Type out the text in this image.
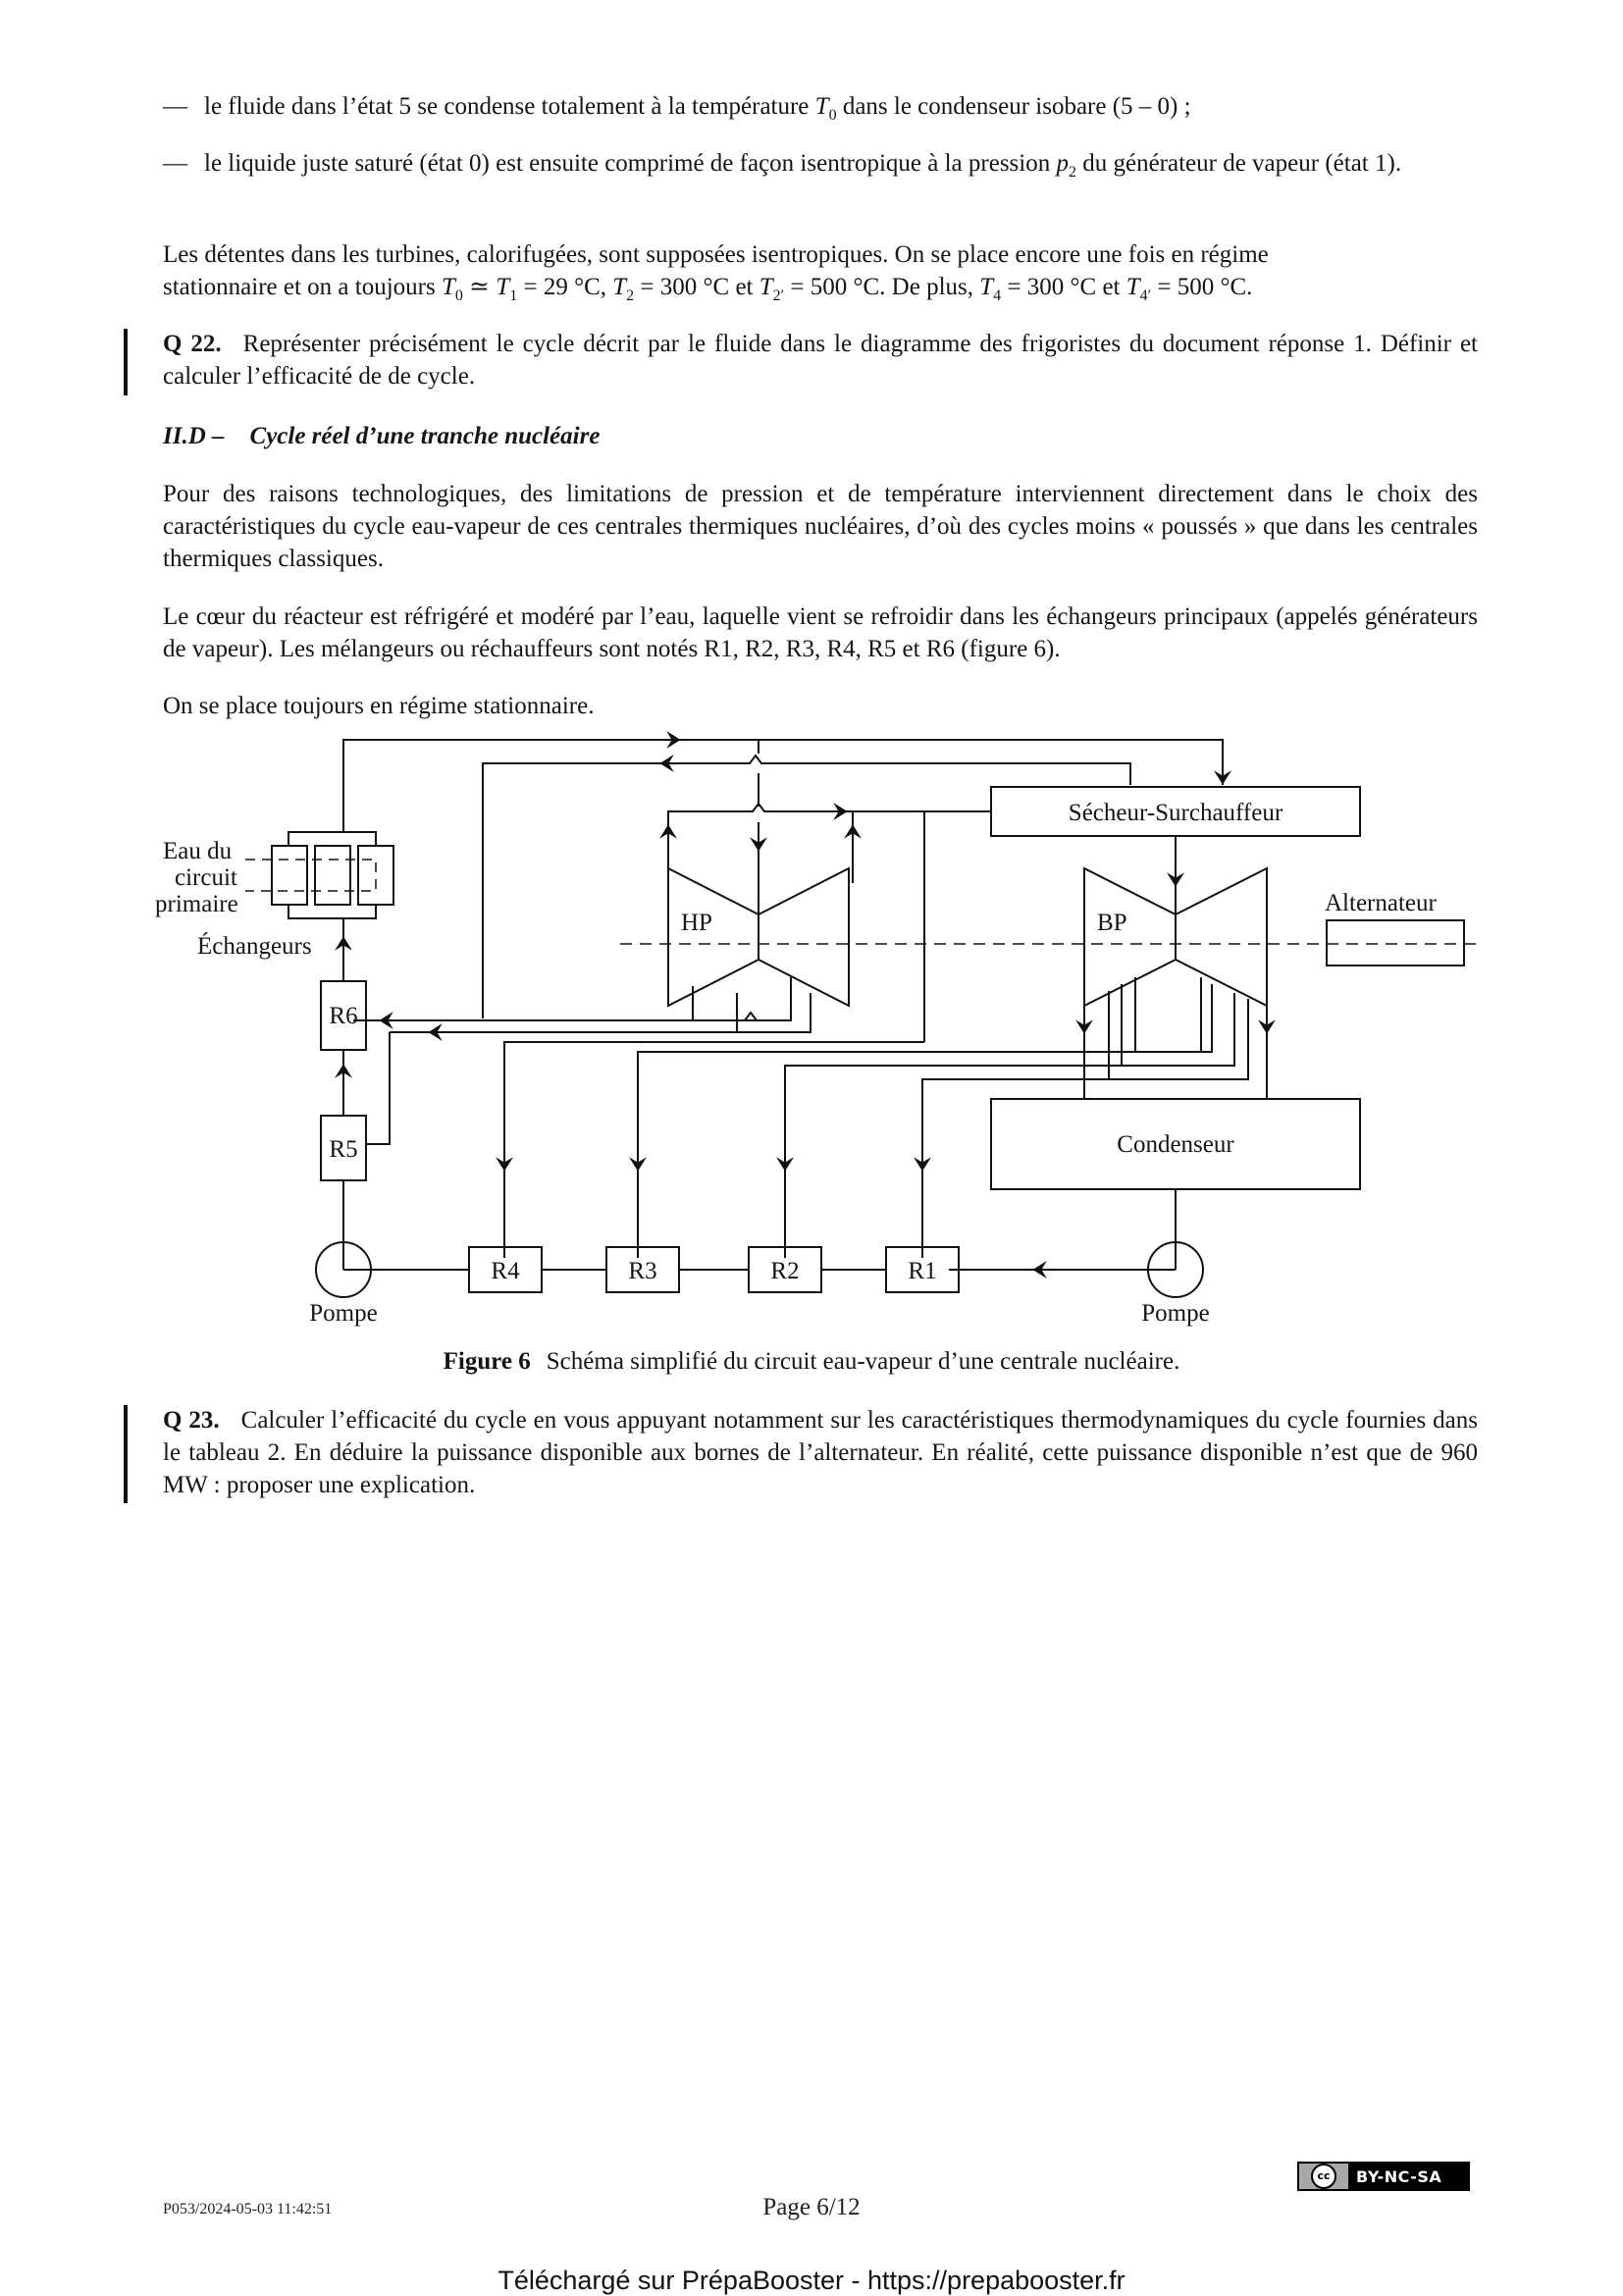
— le fluide dans l’état 5 se condense totalement à la température $T_0$ dans le condenseur isobare (5 – 0) ;
— le liquide juste saturé (état 0) est ensuite comprimé de façon isentropique à la pression $p_2$ du générateur de vapeur (état 1).
Les détentes dans les turbines, calorifugées, sont supposées isentropiques. On se place encore une fois en régime
stationnaire et on a toujours $T_0$ ≃ $T_1 = 29$ °C, $T_2 = 300$ °C et $T_{2'} = 500$ °C. De plus, $T_4 = 300$ °C et $T_{4'} = 500$ °C.
Q 22. Représenter précisément le cycle décrit par le fluide dans le diagramme des frigoristes du document réponse 1. Définir et calculer l’efficacité de de cycle.
II.D – Cycle réel d’une tranche nucléaire
Pour des raisons technologiques, des limitations de pression et de température interviennent directement dans le choix des caractéristiques du cycle eau-vapeur de ces centrales thermiques nucléaires, d’où des cycles moins « poussés » que dans les centrales thermiques classiques.
Le cœur du réacteur est réfrigéré et modéré par l’eau, laquelle vient se refroidir dans les échangeurs principaux (appelés générateurs de vapeur). Les mélangeurs ou réchauffeurs sont notés R1, R2, R3, R4, R5 et R6 (figure 6).
On se place toujours en régime stationnaire.
Eau du
circuit
primaire
Échangeurs
Sécheur-Surchauffeur
HP	BP
Alternateur
Condenseur
R1
R2
R3
R4
R5
R6
Pompe	Pompe
Figure 6 Schéma simplifié du circuit eau-vapeur d’une centrale nucléaire.
Q 23. Calculer l’efficacité du cycle en vous appuyant notamment sur les caractéristiques thermodynamiques du cycle fournies dans le tableau 2. En déduire la puissance disponible aux bornes de l’alternateur. En réalité, cette puissance disponible n’est que de 960 MW : proposer une explication.
P053/2024-05-03 11:42:51	Page 6/12
cc	BY-NC-SA
Téléchargé sur PrépaBooster - https://prepabooster.fr
